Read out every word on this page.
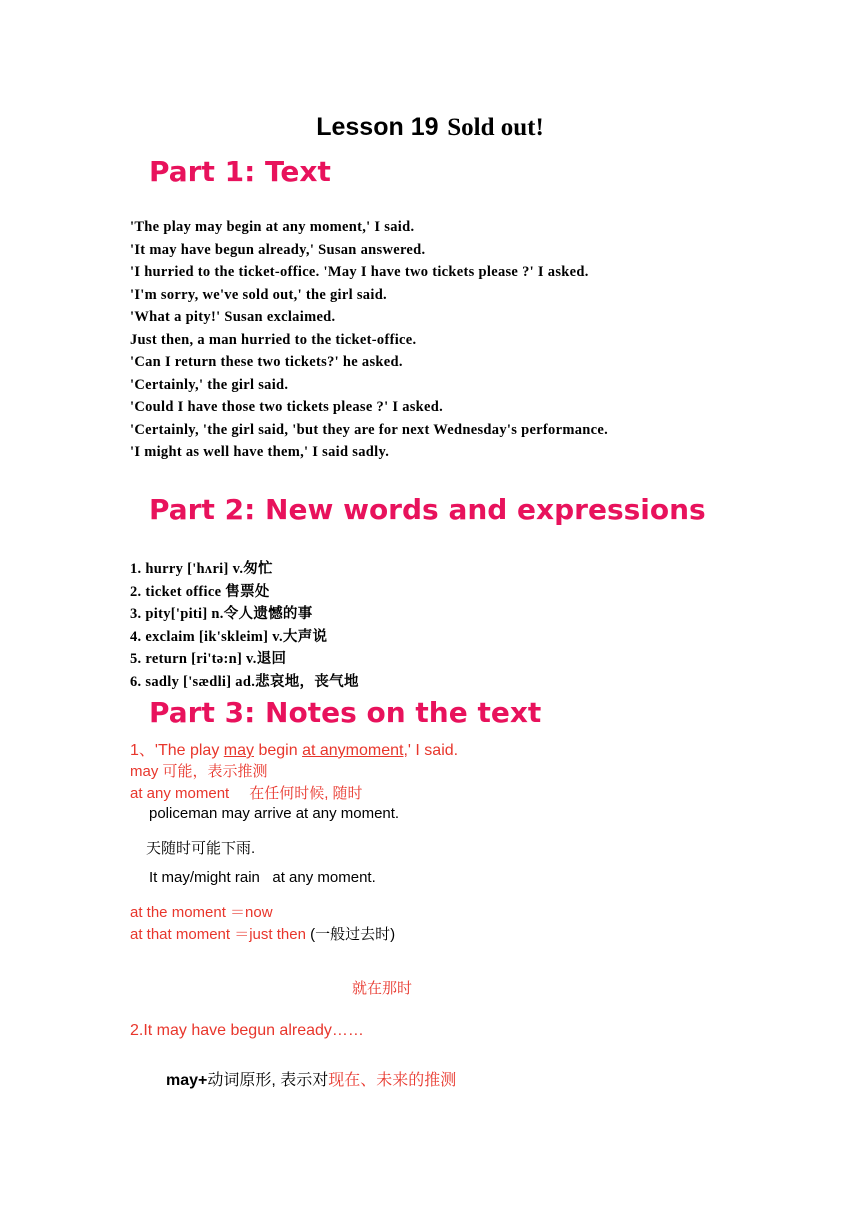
Lesson 19 Sold out!
Part 1: Text
'The play may begin at any moment,' I said.
'It may have begun already,' Susan answered.
'I hurried to the ticket-office. 'May I have two tickets please ?' I asked.
'I'm sorry, we've sold out,' the girl said.
'What a pity!' Susan exclaimed.
Just then, a man hurried to the ticket-office.
'Can I return these two tickets?' he asked.
'Certainly,' the girl said.
'Could I have those two tickets please ?' I asked.
'Certainly, 'the girl said, 'but they are for next Wednesday's performance.
'I might as well have them,' I said sadly.
Part 2: New words and expressions
1. hurry ['hʌri] v.匆忙
2. ticket office 售票处
3. pity['piti] n.令人遗憾的事
4. exclaim [ik'skleim] v.大声说
5. return [ri'tə:n] v.退回
6. sadly ['sædli] ad.悲哀地，丧气地
Part 3: Notes on the text
1、'The play may begin at anymoment,' I said.
may 可能，表示推测
at any moment 在任何时候, 随时
policeman may arrive at any moment.
天随时可能下雨.
It may/might rain   at any moment.
at the moment ＝now
at that moment ＝just then (一般过去时)
就在那时
2.It may have begun already……
may+动词原形, 表示对现在、未来的推测
